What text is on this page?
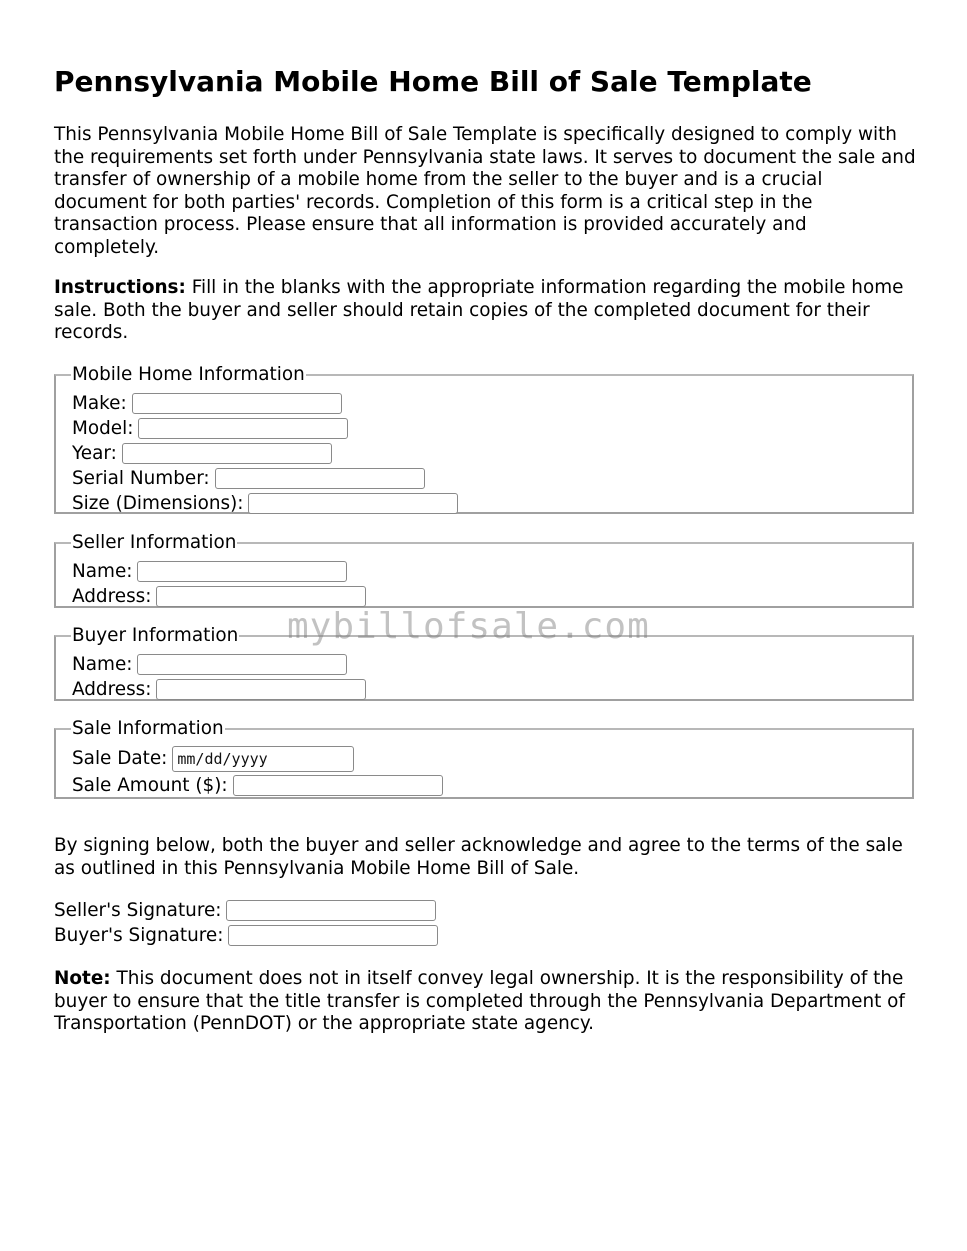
Pennsylvania Mobile Home Bill of Sale Template

This Pennsylvania Mobile Home Bill of Sale Template is specifically designed to comply with the requirements set forth under Pennsylvania state laws. It serves to document the sale and transfer of ownership of a mobile home from the seller to the buyer and is a crucial document for both parties' records. Completion of this form is a critical step in the transaction process. Please ensure that all information is provided accurately and completely.

Instructions: Fill in the blanks with the appropriate information regarding the mobile home sale. Both the buyer and seller should retain copies of the completed document for their records.

Mobile Home Information
Make:
Model:
Year:
Serial Number:
Size (Dimensions):
Seller Information
Name:
Address:
Buyer Information
Name:
Address:
Sale Information
Sale Date: mm/dd/yyyy
Sale Amount ($):

By signing below, both the buyer and seller acknowledge and agree to the terms of the sale as outlined in this Pennsylvania Mobile Home Bill of Sale.

Seller's Signature:
Buyer's Signature:

Note: This document does not in itself convey legal ownership. It is the responsibility of the buyer to ensure that the title transfer is completed through the Pennsylvania Department of Transportation (PennDOT) or the appropriate state agency.

mybillofsale.com
